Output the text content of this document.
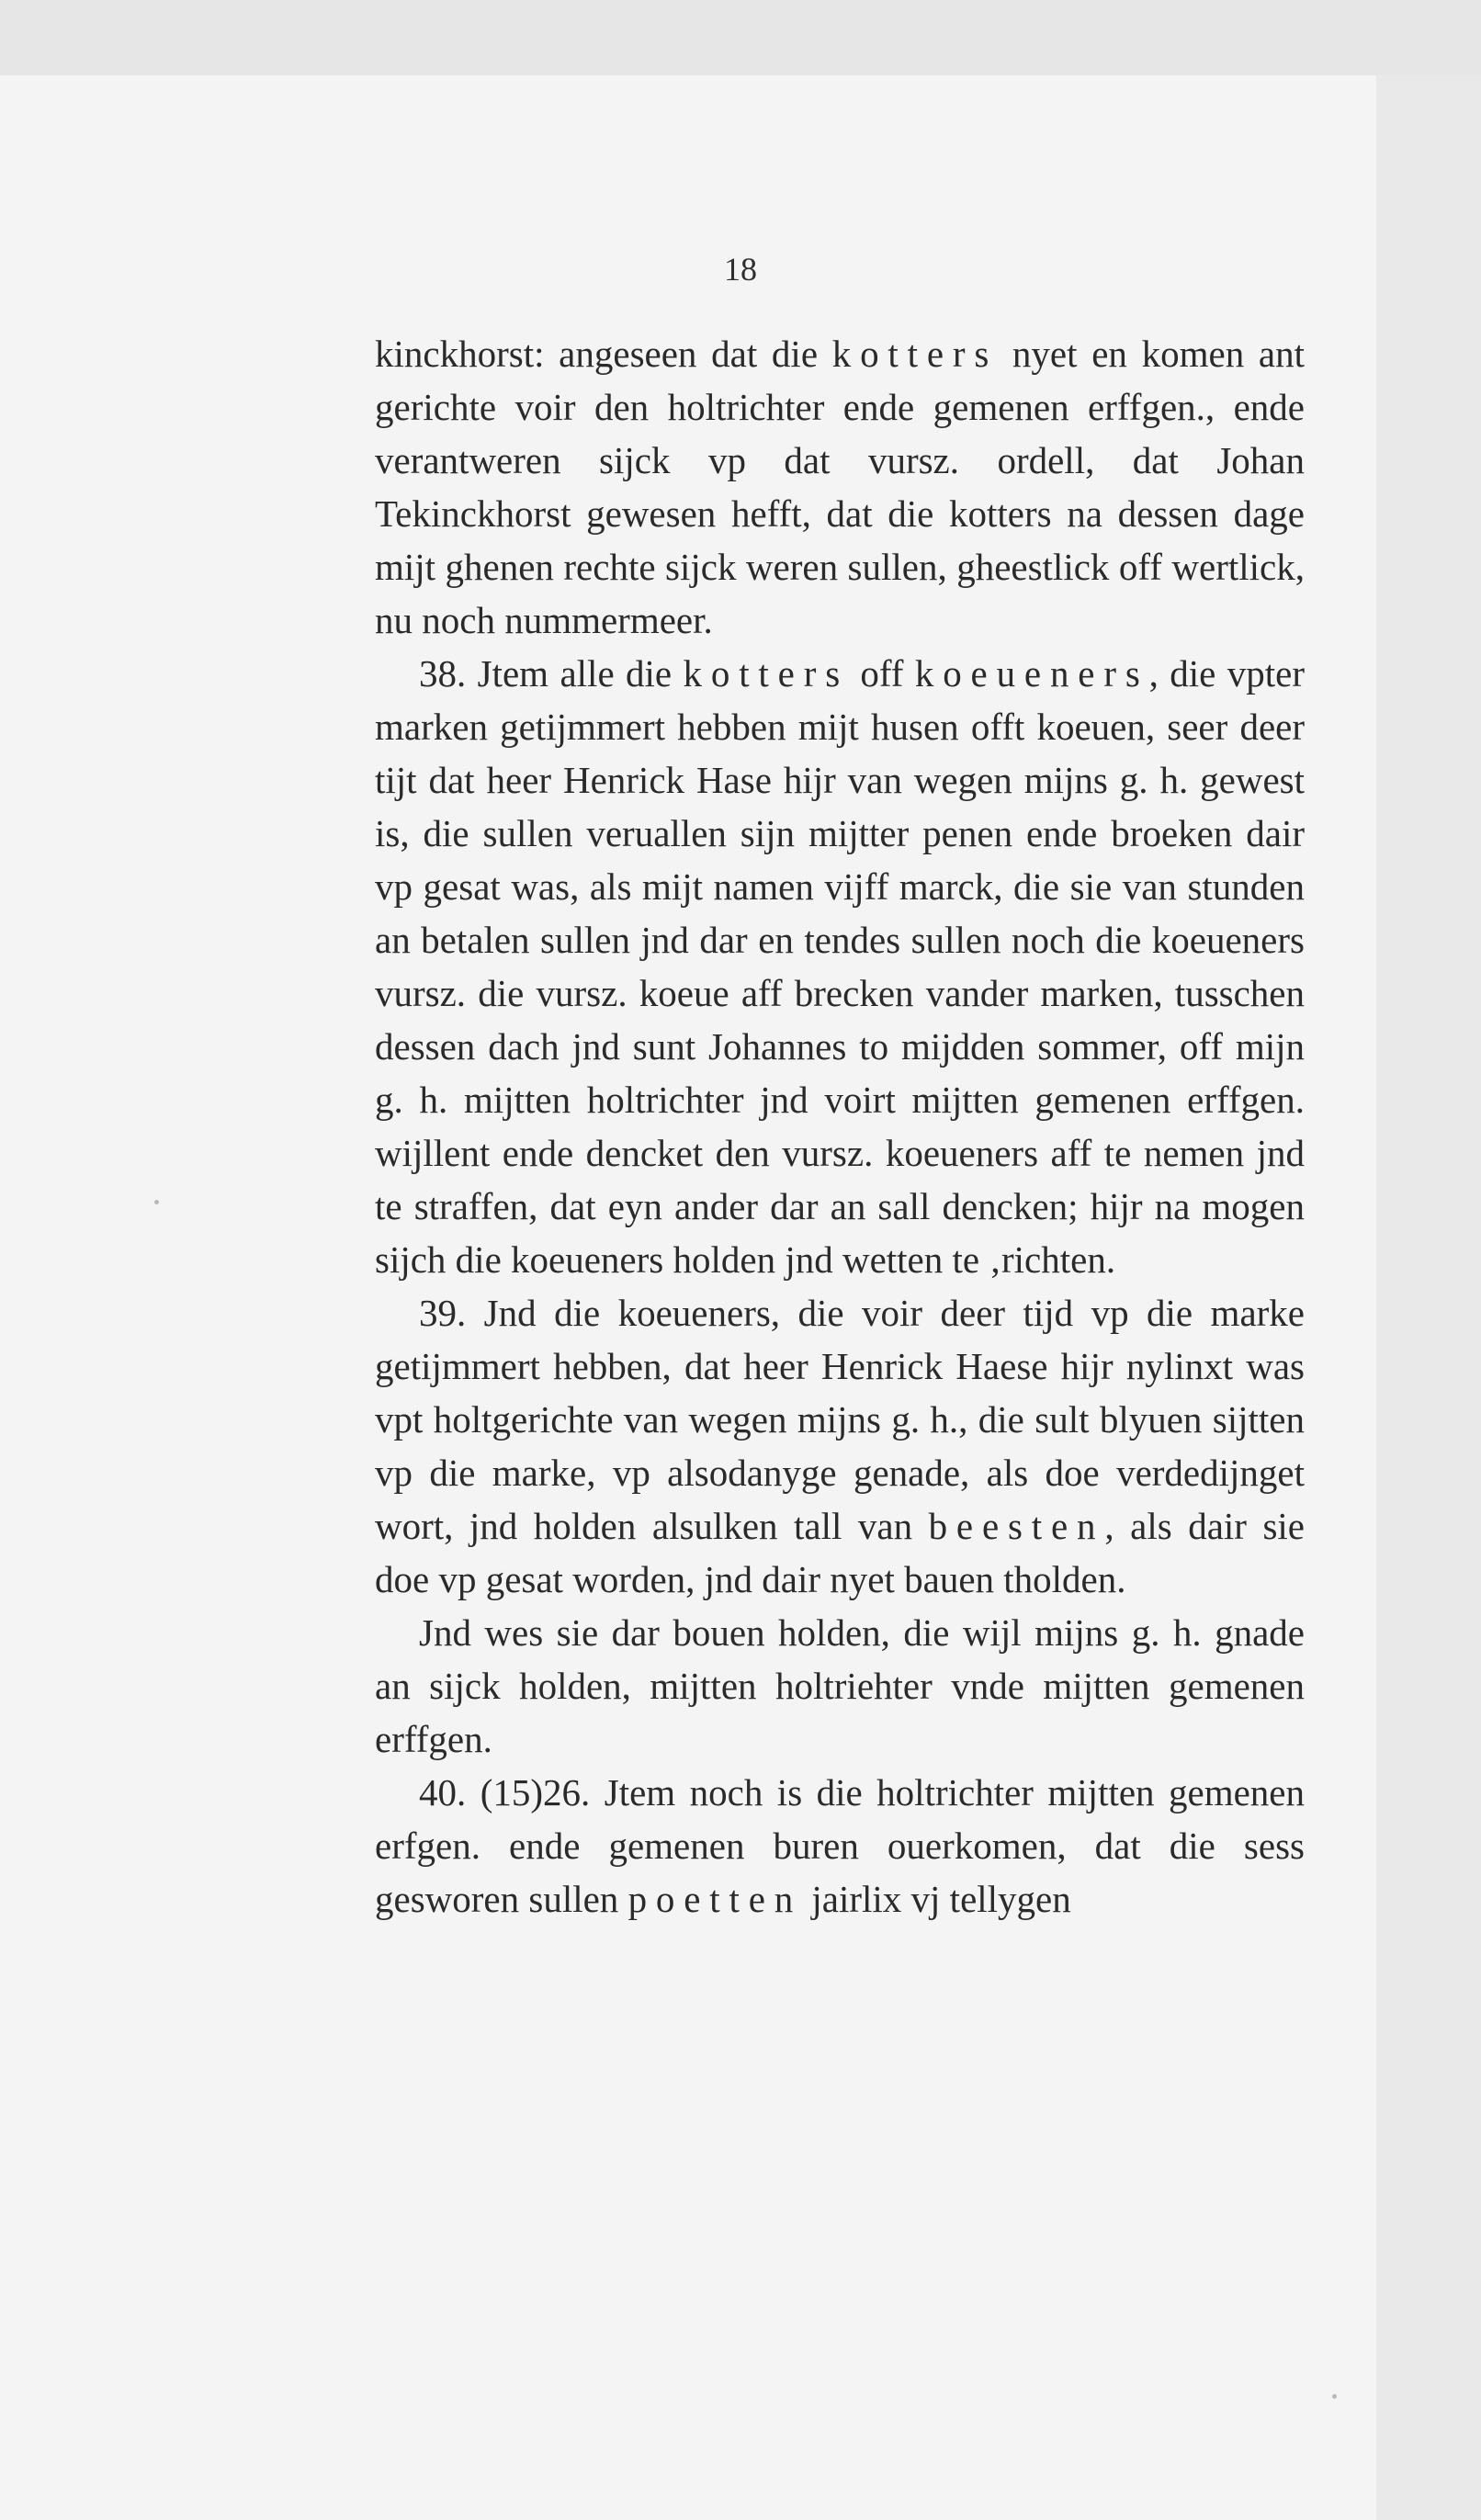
18

kinckhorst: angeseen dat die kotters nyet en komen ant gerichte voir den holtrichter ende gemenen erffgen., ende verantweren sijck vp dat vursz. ordell, dat Johan Tekinckhorst gewesen hefft, dat die kotters na dessen dage mijt ghenen rechte sijck weren sullen, gheestlick off wertlick, nu noch nummermeer.

38. Jtem alle die kotters off koeueners, die vpter marken getijmmert hebben mijt husen offt koeuen, seer deer tijt dat heer Henrick Hase hijr van wegen mijns g. h. gewest is, die sullen veruallen sijn mijtter penen ende broeken dair vp gesat was, als mijt namen vijff marck, die sie van stunden an betalen sullen jnd dar en tendes sullen noch die koeueners vursz. die vursz. koeue aff brecken vander marken, tusschen dessen dach jnd sunt Johannes to mijdden sommer, off mijn g. h. mijtten holtrichter jnd voirt mijtten gemenen erffgen. wijllent ende dencket den vursz. koeueners aff te nemen jnd te straffen, dat eyn ander dar an sall dencken; hijr na mogen sijch die koeueners holden jnd wetten te ‚richten.

39. Jnd die koeueners, die voir deer tijd vp die marke getijmmert hebben, dat heer Henrick Haese hijr nylinxt was vpt holtgerichte van wegen mijns g. h., die sult blyuen sijtten vp die marke, vp alsodanyge genade, als doe verdedijnget wort, jnd holden alsulken tall van beesten, als dair sie doe vp gesat worden, jnd dair nyet bauen tholden.

Jnd wes sie dar bouen holden, die wijl mijns g. h. gnade an sijck holden, mijtten holtriehter vnde mijtten gemenen erffgen.

40. (15)26. Jtem noch is die holtrichter mijtten gemenen erfgen. ende gemenen buren ouerkomen, dat die sess gesworen sullen poetten jairlix vj tellygen
